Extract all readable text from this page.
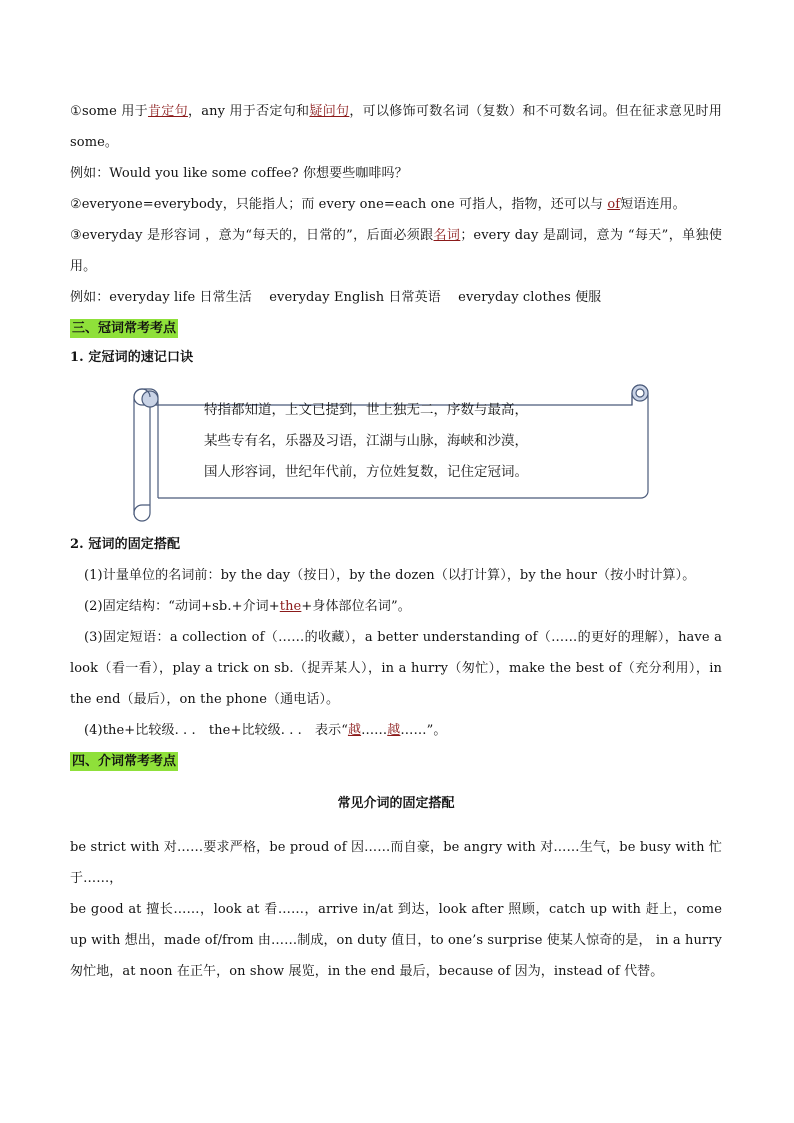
①some 用于肯定句，any 用于否定句和疑问句，可以修饰可数名词（复数）和不可数名词。但在征求意见时用 some。

例如：Would you like some coffee? 你想要些咖啡吗？

②everyone=everybody，只能指人；而 every one=each one 可指人，指物，还可以与 of短语连用。

③everyday 是形容词 ，意为“每天的，日常的”，后面必须跟名词；every day 是副词，意为 “每天”，单独使用。

例如：everyday life 日常生活　 everyday English 日常英语　 everyday clothes 便服

三、冠词常考考点

1. 定冠词的速记口诀

特指都知道，上文已提到，世上独无二，序数与最高，
某些专有名，乐器及习语，江湖与山脉，海峡和沙漠，
国人形容词，世纪年代前，方位姓复数，记住定冠词。

2. 冠词的固定搭配

(1)计量单位的名词前：by the day（按日），by the dozen（以打计算），by the hour（按小时计算）。

(2)固定结构：“动词+sb.+介词+the+身体部位名词”。

(3)固定短语：a collection of（……的收藏），a better understanding of（……的更好的理解），have a look（看一看），play a trick on sb.（捉弄某人），in a hurry（匆忙），make the best of（充分利用），in the end（最后），on the phone（通电话）。

(4)the+比较级. . .　the+比较级. . .　表示“越……越……”。

四、介词常考考点

常见介词的固定搭配

be strict with 对……要求严格，be proud of 因……而自豪，be angry with 对……生气，be busy with 忙于……，

be good at 擅长……，look at 看……，arrive in/at 到达，look after 照顾，catch up with 赶上，come up with 想出，made of/from 由……制成，on duty 值日，to one’s surprise 使某人惊奇的是， in a hurry 匆忙地，at noon 在正午，on show 展览，in the end 最后，because of 因为，instead of 代替。
